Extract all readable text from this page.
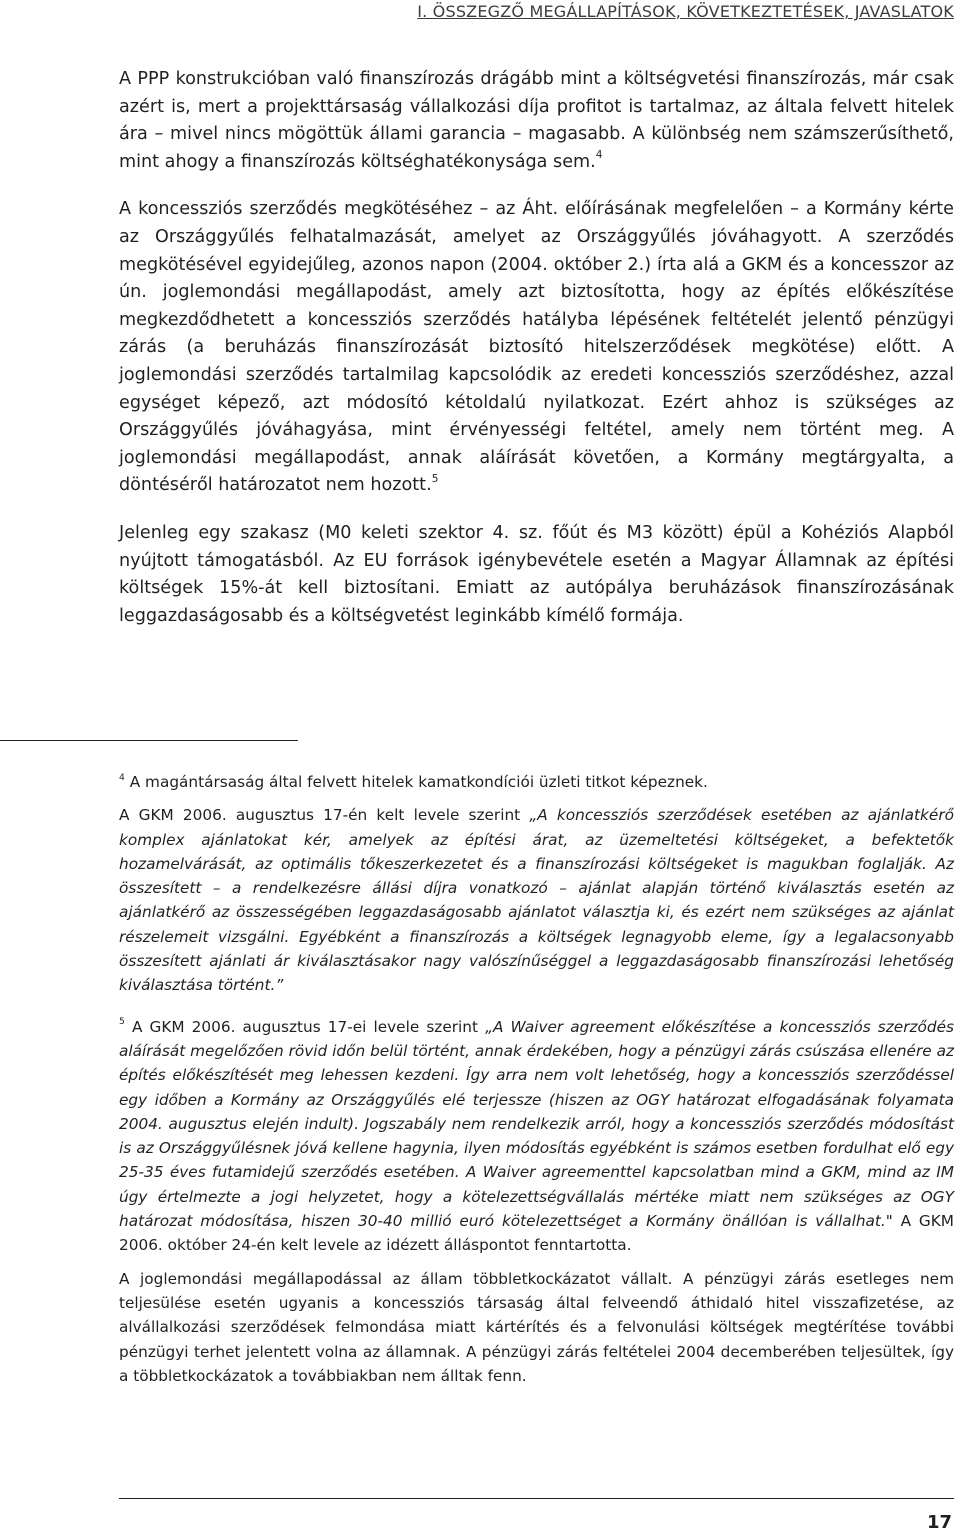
I. ÖSSZEGZŐ MEGÁLLAPÍTÁSOK, KÖVETKEZTETÉSEK, JAVASLATOK

A PPP konstrukcióban való finanszírozás drágább mint a költségvetési finanszírozás, már csak azért is, mert a projekttársaság vállalkozási díja profitot is tartalmaz, az általa felvett hitelek ára – mivel nincs mögöttük állami garancia – magasabb. A különbség nem számszerűsíthető, mint ahogy a finanszírozás költséghatékonysága sem.$^4$

A koncessziós szerződés megkötéséhez – az Áht. előírásának megfelelően – a Kormány kérte az Országgyűlés felhatalmazását, amelyet az Országgyűlés jóváhagyott. A szerződés megkötésével egyidejűleg, azonos napon (2004. október 2.) írta alá a GKM és a koncesszor az ún. joglemondási megállapodást, amely azt biztosította, hogy az építés előkészítése megkezdődhetett a koncessziós szerződés hatályba lépésének feltételét jelentő pénzügyi zárás (a beruházás finanszírozását biztosító hitelszerződések megkötése) előtt. A joglemondási szerződés tartalmilag kapcsolódik az eredeti koncessziós szerződéshez, azzal egységet képező, azt módosító kétoldalú nyilatkozat. Ezért ahhoz is szükséges az Országgyűlés jóváhagyása, mint érvényességi feltétel, amely nem történt meg. A joglemondási megállapodást, annak aláírását követően, a Kormány megtárgyalta, a döntéséről határozatot nem hozott.$^5$

Jelenleg egy szakasz (M0 keleti szektor 4. sz. főút és M3 között) épül a Kohéziós Alapból nyújtott támogatásból. Az EU források igénybevétele esetén a Magyar Államnak az építési költségek 15%-át kell biztosítani. Emiatt az autópálya beruházások finanszírozásának leggazdaságosabb és a költségvetést leginkább kímélő formája.

$^4$ A magántársaság által felvett hitelek kamatkondíciói üzleti titkot képeznek.

A GKM 2006. augusztus 17-én kelt levele szerint „A koncessziós szerződések esetében az ajánlatkérő komplex ajánlatokat kér, amelyek az építési árat, az üzemeltetési költségeket, a befektetők hozamelvárását, az optimális tőkeszerkezetet és a finanszírozási költségeket is magukban foglalják. Az összesített – a rendelkezésre állási díjra vonatkozó – ajánlat alapján történő kiválasztás esetén az ajánlatkérő az összességében leggazdaságosabb ajánlatot választja ki, és ezért nem szükséges az ajánlat részelemeit vizsgálni. Egyébként a finanszírozás a költségek legnagyobb eleme, így a legalacsonyabb összesített ajánlati ár kiválasztásakor nagy valószínűséggel a leggazdaságosabb finanszírozási lehetőség kiválasztása történt.”

$^5$ A GKM 2006. augusztus 17-ei levele szerint „A Waiver agreement előkészítése a koncessziós szerződés aláírását megelőzően rövid időn belül történt, annak érdekében, hogy a pénzügyi zárás csúszása ellenére az építés előkészítését meg lehessen kezdeni. Így arra nem volt lehetőség, hogy a koncessziós szerződéssel egy időben a Kormány az Országgyűlés elé terjessze (hiszen az OGY határozat elfogadásának folyamata 2004. augusztus elején indult). Jogszabály nem rendelkezik arról, hogy a koncessziós szerződés módosítást is az Országgyűlésnek jóvá kellene hagynia, ilyen módosítás egyébként is számos esetben fordulhat elő egy 25-35 éves futamidejű szerződés esetében. A Waiver agreementtel kapcsolatban mind a GKM, mind az IM úgy értelmezte a jogi helyzetet, hogy a kötelezettségvállalás mértéke miatt nem szükséges az OGY határozat módosítása, hiszen 30-40 millió euró kötelezettséget a Kormány önállóan is vállalhat." A GKM 2006. október 24-én kelt levele az idézett álláspontot fenntartotta.

A joglemondási megállapodással az állam többletkockázatot vállalt. A pénzügyi zárás esetleges nem teljesülése esetén ugyanis a koncessziós társaság által felveendő áthidaló hitel visszafizetése, az alvállalkozási szerződések felmondása miatt kártérítés és a felvonulási költségek megtérítése további pénzügyi terhet jelentett volna az államnak. A pénzügyi zárás feltételei 2004 decemberében teljesültek, így a többletkockázatok a továbbiakban nem álltak fenn.

17
